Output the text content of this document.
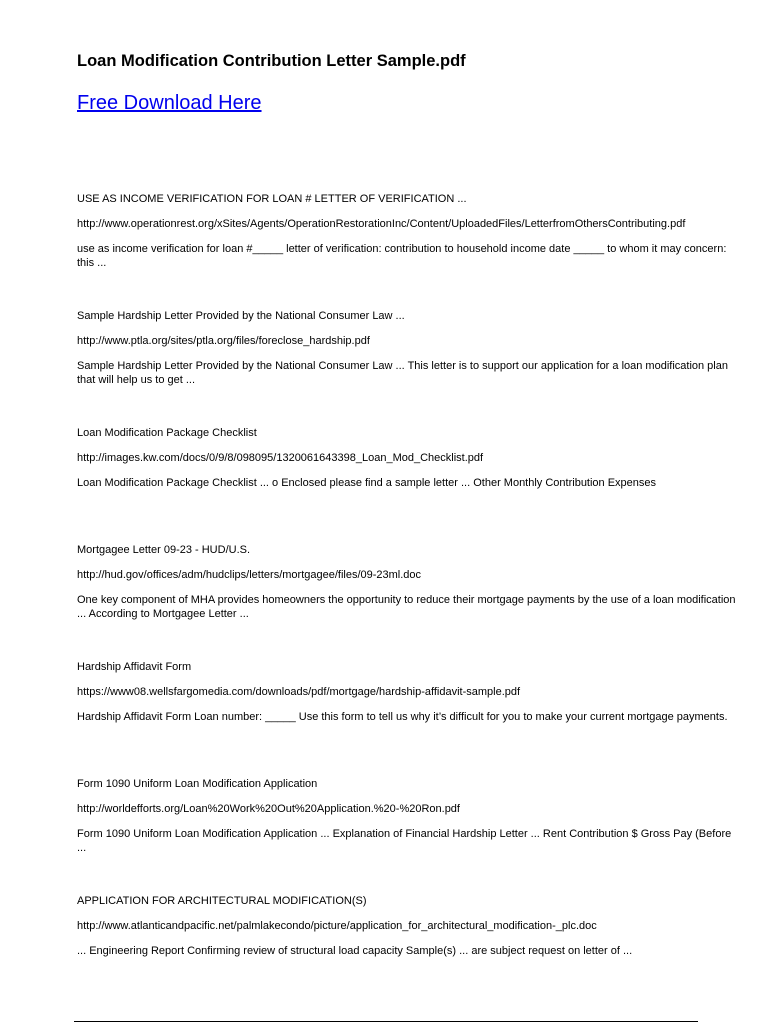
Loan Modification Contribution Letter Sample.pdf
Free Download Here
USE AS INCOME VERIFICATION FOR LOAN # LETTER OF VERIFICATION ...
http://www.operationrest.org/xSites/Agents/OperationRestorationInc/Content/UploadedFiles/LetterfromOthersContributing.pdf

use as income verification for loan #_____ letter of verification: contribution to household income date _____ to whom it may concern: this ...

Sample Hardship Letter Provided by the National Consumer Law ...
http://www.ptla.org/sites/ptla.org/files/foreclose_hardship.pdf

Sample Hardship Letter Provided by the National Consumer Law ... This letter is to support our application for a loan modification plan that will help us to get ...

Loan Modification Package Checklist
http://images.kw.com/docs/0/9/8/098095/1320061643398_Loan_Mod_Checklist.pdf

Loan Modification Package Checklist ... o Enclosed please find a sample letter ... Other Monthly Contribution Expenses

Mortgagee Letter 09-23 - HUD/U.S.
http://hud.gov/offices/adm/hudclips/letters/mortgagee/files/09-23ml.doc

One key component of MHA provides homeowners the opportunity to reduce their mortgage payments by the use of a loan modification ... According to Mortgagee Letter ...

Hardship Affidavit Form
https://www08.wellsfargomedia.com/downloads/pdf/mortgage/hardship-affidavit-sample.pdf

Hardship Affidavit Form Loan number: _____ Use this form to tell us why it’s difficult for you to make your current mortgage payments.

Form 1090 Uniform Loan Modification Application
http://worldefforts.org/Loan%20Work%20Out%20Application.%20-%20Ron.pdf

Form 1090 Uniform Loan Modification Application ... Explanation of Financial Hardship Letter ... Rent Contribution $ Gross Pay (Before ...

APPLICATION FOR ARCHITECTURAL MODIFICATION(S)
http://www.atlanticandpacific.net/palmlakecondo/picture/application_for_architectural_modification-_plc.doc

... Engineering Report Confirming review of structural load capacity Sample(s) ... are subject request on letter of ...
